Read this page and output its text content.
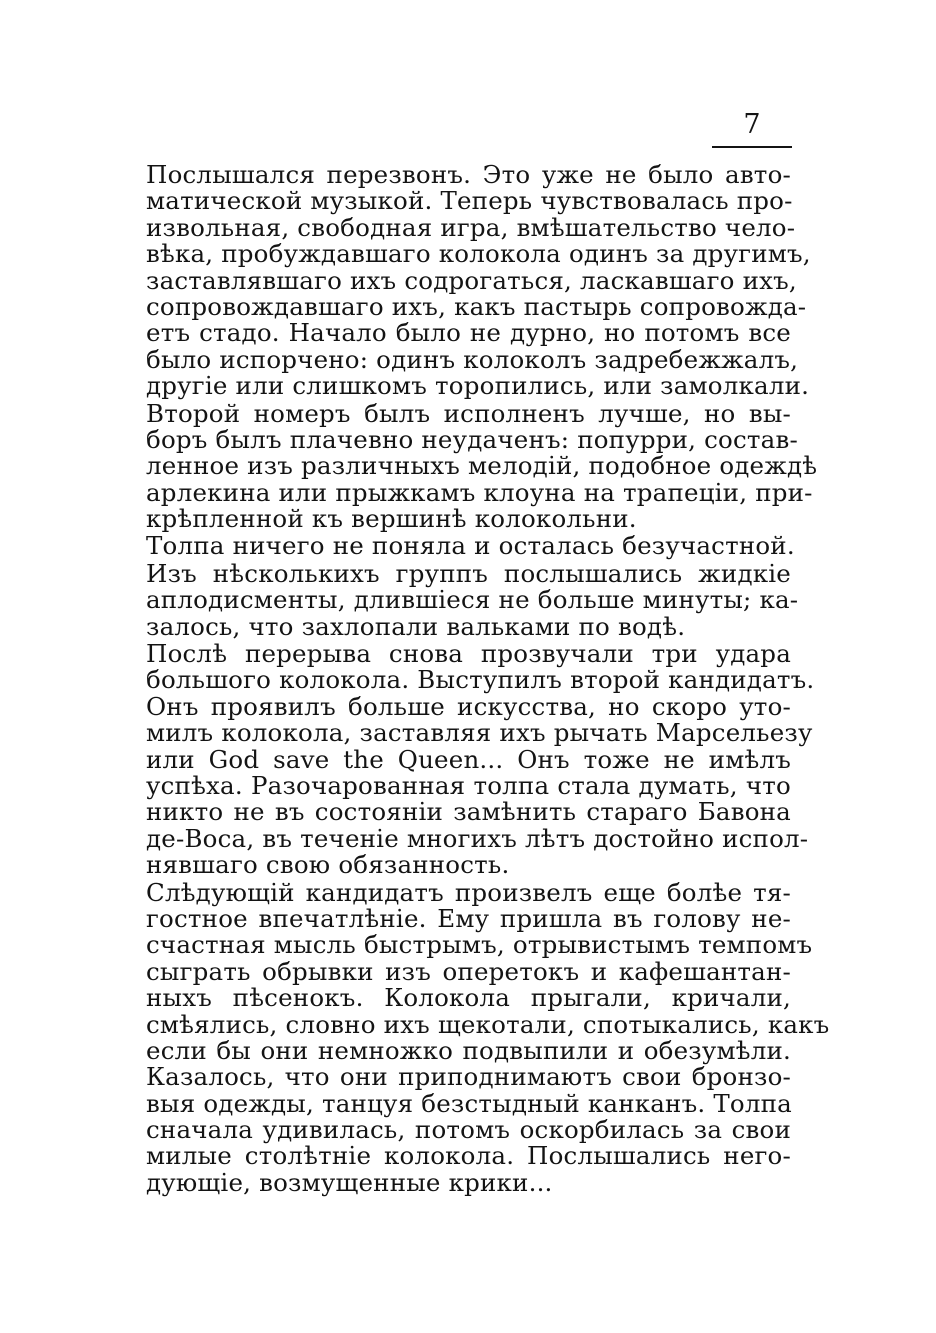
7
Послышался перезвонъ. Это уже не было авто-
матической музыкой. Теперь чувствовалась про-
извольная, свободная игра, вмѣшательство чело-
вѣка, пробуждавшаго колокола одинъ за другимъ,
заставлявшаго ихъ содрогаться, ласкавшаго ихъ,
сопровождавшаго ихъ, какъ пастырь сопровожда-
етъ стадо. Начало было не дурно, но потомъ все
было испорчено: одинъ колоколъ задребежжалъ,
другіе или слишкомъ торопились, или замолкали.
Второй номеръ былъ исполненъ лучше, но вы-
боръ былъ плачевно неудаченъ: попурри, состав-
ленное изъ различныхъ мелодій, подобное одеждѣ
арлекина или прыжкамъ клоуна на трапеціи, при-
крѣпленной къ вершинѣ колокольни.
Толпа ничего не поняла и осталась безучастной.
Изъ нѣсколькихъ группъ послышались жидкіе
аплодисменты, длившіеся не больше минуты; ка-
залось, что захлопали вальками по водѣ.
Послѣ перерыва снова прозвучали три удара
большого колокола. Выступилъ второй кандидатъ.
Онъ проявилъ больше искусства, но скоро уто-
милъ колокола, заставляя ихъ рычать Марсельезу
или God save the Queen... Онъ тоже не имѣлъ
успѣха. Разочарованная толпа стала думать, что
никто не въ состояніи замѣнить стараго Бавона
де-Воса, въ теченіе многихъ лѣтъ достойно испол-
нявшаго свою обязанность.
Слѣдующій кандидатъ произвелъ еще болѣе тя-
гостное впечатлѣніе. Ему пришла въ голову не-
счастная мысль быстрымъ, отрывистымъ темпомъ
сыграть обрывки изъ оперетокъ и кафешантан-
ныхъ пѣсенокъ. Колокола прыгали, кричали,
смѣялись, словно ихъ щекотали, спотыкались, какъ
если бы они немножко подвыпили и обезумѣли.
Казалось, что они приподнимаютъ свои бронзо-
выя одежды, танцуя безстыдный канканъ. Толпа
сначала удивилась, потомъ оскорбилась за свои
милые столѣтніе колокола. Послышались него-
дующіе, возмущенные крики...
